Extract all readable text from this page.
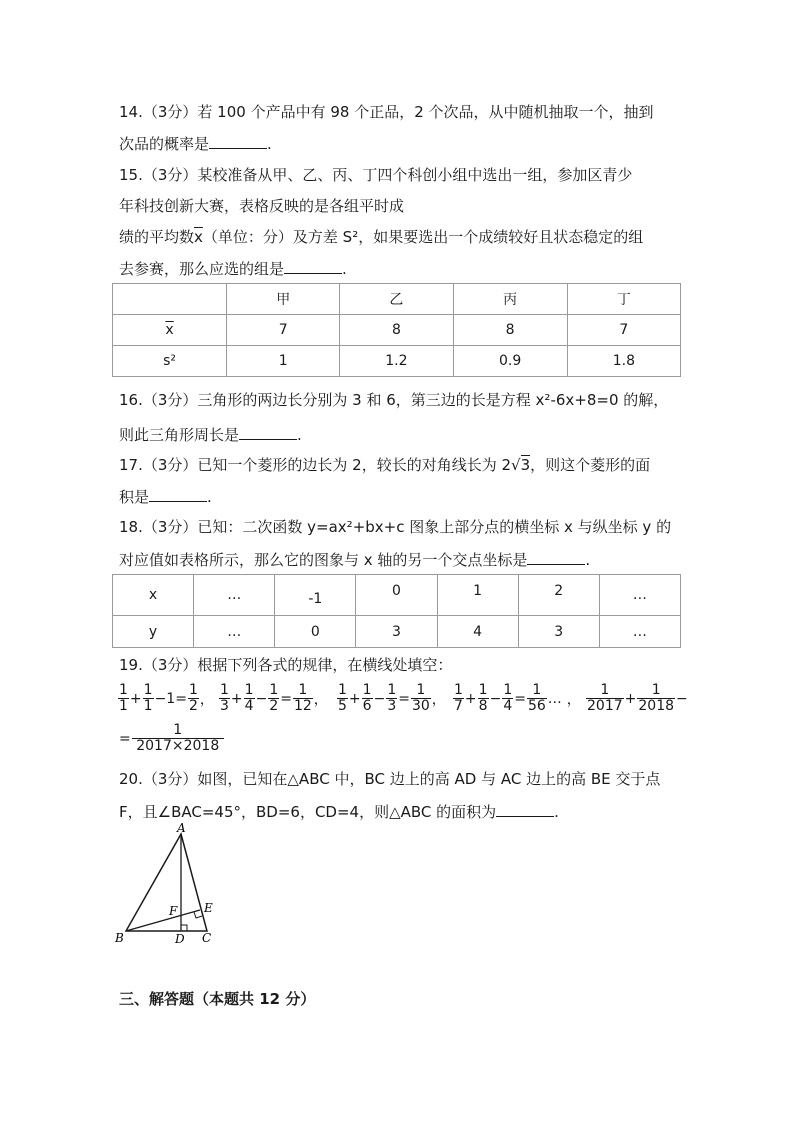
14.（3分）若 100 个产品中有 98 个正品，2 个次品，从中随机抽取一个，抽到
次品的概率是	.
15.（3分）某校准备从甲、乙、丙、丁四个科创小组中选出一组，参加区青少
年科技创新大赛，表格反映的是各组平时成
绩的平均数$\overline{x}$（单位：分）及方差 S²，如果要选出一个成绩较好且状态稳定的组
去参赛，那么应选的组是	.
	甲	乙	丙	丁
$\overline{x}$	7	8	8	7
s²	1	1.2	0.9	1.8
16.（3分）三角形的两边长分别为 3 和 6，第三边的长是方程 x²-6x+8=0 的解，
则此三角形周长是	.
17.（3分）已知一个菱形的边长为 2，较长的对角线长为 2√3，则这个菱形的面
积是	.
18.（3分）已知：二次函数 y=ax²+bx+c 图象上部分点的横坐标 x 与纵坐标 y 的
对应值如表格所示，那么它的图象与 x 轴的另一个交点坐标是	.
x	…	-1	0	1	2	…
y	…	0	3	4	3	…
19.（3分）根据下列各式的规律，在横线处填空：
$\frac{1}{1} + \frac{1}{1} -1= \frac{1}{2}$ ， $\frac{1}{3} + \frac{1}{4} - \frac{1}{2} = \frac{1}{12}$ ， $\frac{1}{5} + \frac{1}{6} - \frac{1}{3} = \frac{1}{30}$ ， $\frac{1}{7} + \frac{1}{8} - \frac{1}{4} = \frac{1}{56}$ … ， $\frac{1}{2017} + \frac{1}{2018}$ −
= $\frac{1}{2017\times 2018}$
20.（3分）如图，已知在△ABC 中，BC 边上的高 AD 与 AC 边上的高 BE 交于点
F，且∠BAC=45°，BD=6，CD=4，则△ABC 的面积为	.
A
B	C
D
E
F
三、解答题（本题共 12 分）
